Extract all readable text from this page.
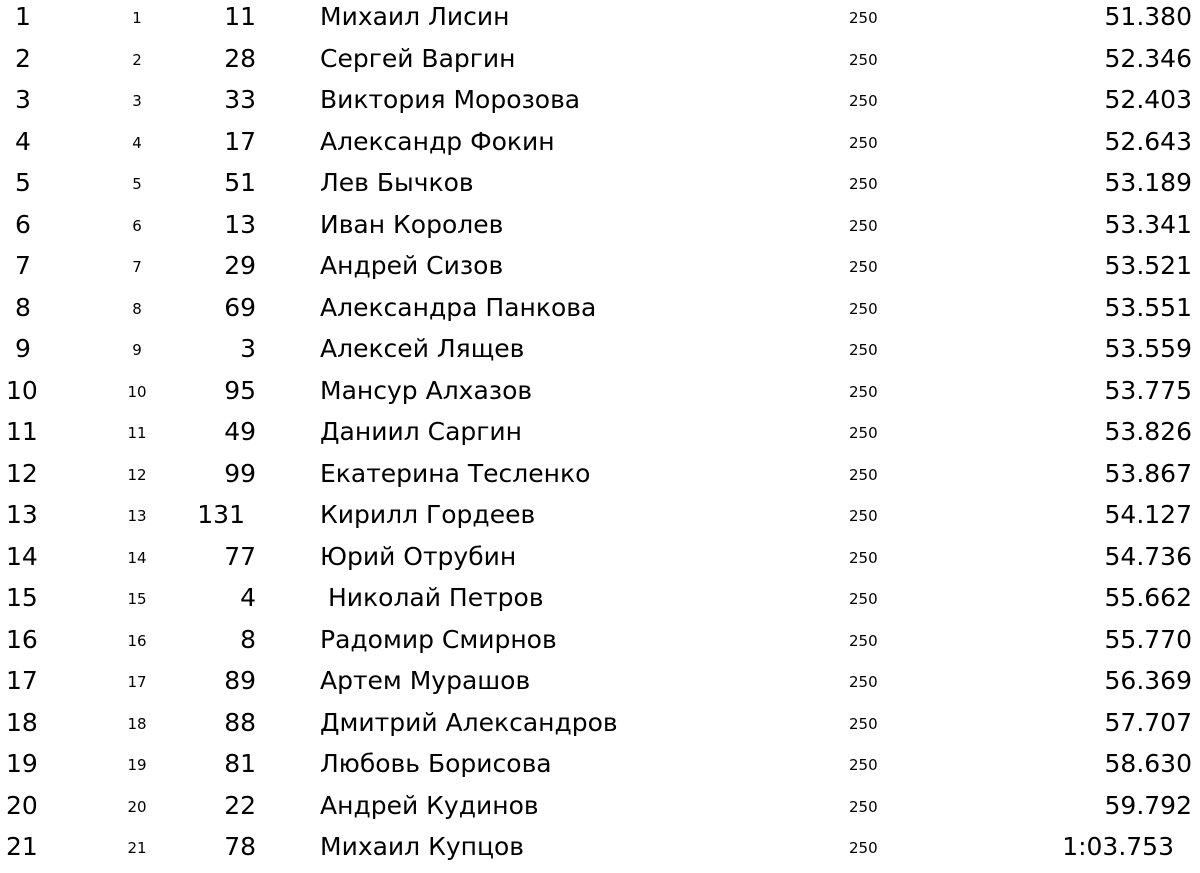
1	1	11	Михаил Лисин	250	51.380
2	2	28	Сергей Варгин	250	52.346
3	3	33	Виктория Морозова	250	52.403
4	4	17	Александр Фокин	250	52.643
5	5	51	Лев Бычков	250	53.189
6	6	13	Иван Королев	250	53.341
7	7	29	Андрей Сизов	250	53.521
8	8	69	Александра Панкова	250	53.551
9	9	3	Алексей Лящев	250	53.559
10	10	95	Мансур Алхазов	250	53.775
11	11	49	Даниил Саргин	250	53.826
12	12	99	Екатерина Тесленко	250	53.867
13	13	131	Кирилл Гордеев	250	54.127
14	14	77	Юрий Отрубин	250	54.736
15	15	4	Николай Петров	250	55.662
16	16	8	Радомир Смирнов	250	55.770
17	17	89	Артем Мурашов	250	56.369
18	18	88	Дмитрий Александров	250	57.707
19	19	81	Любовь Борисова	250	58.630
20	20	22	Андрей Кудинов	250	59.792
21	21	78	Михаил Купцов	250	1:03.753
